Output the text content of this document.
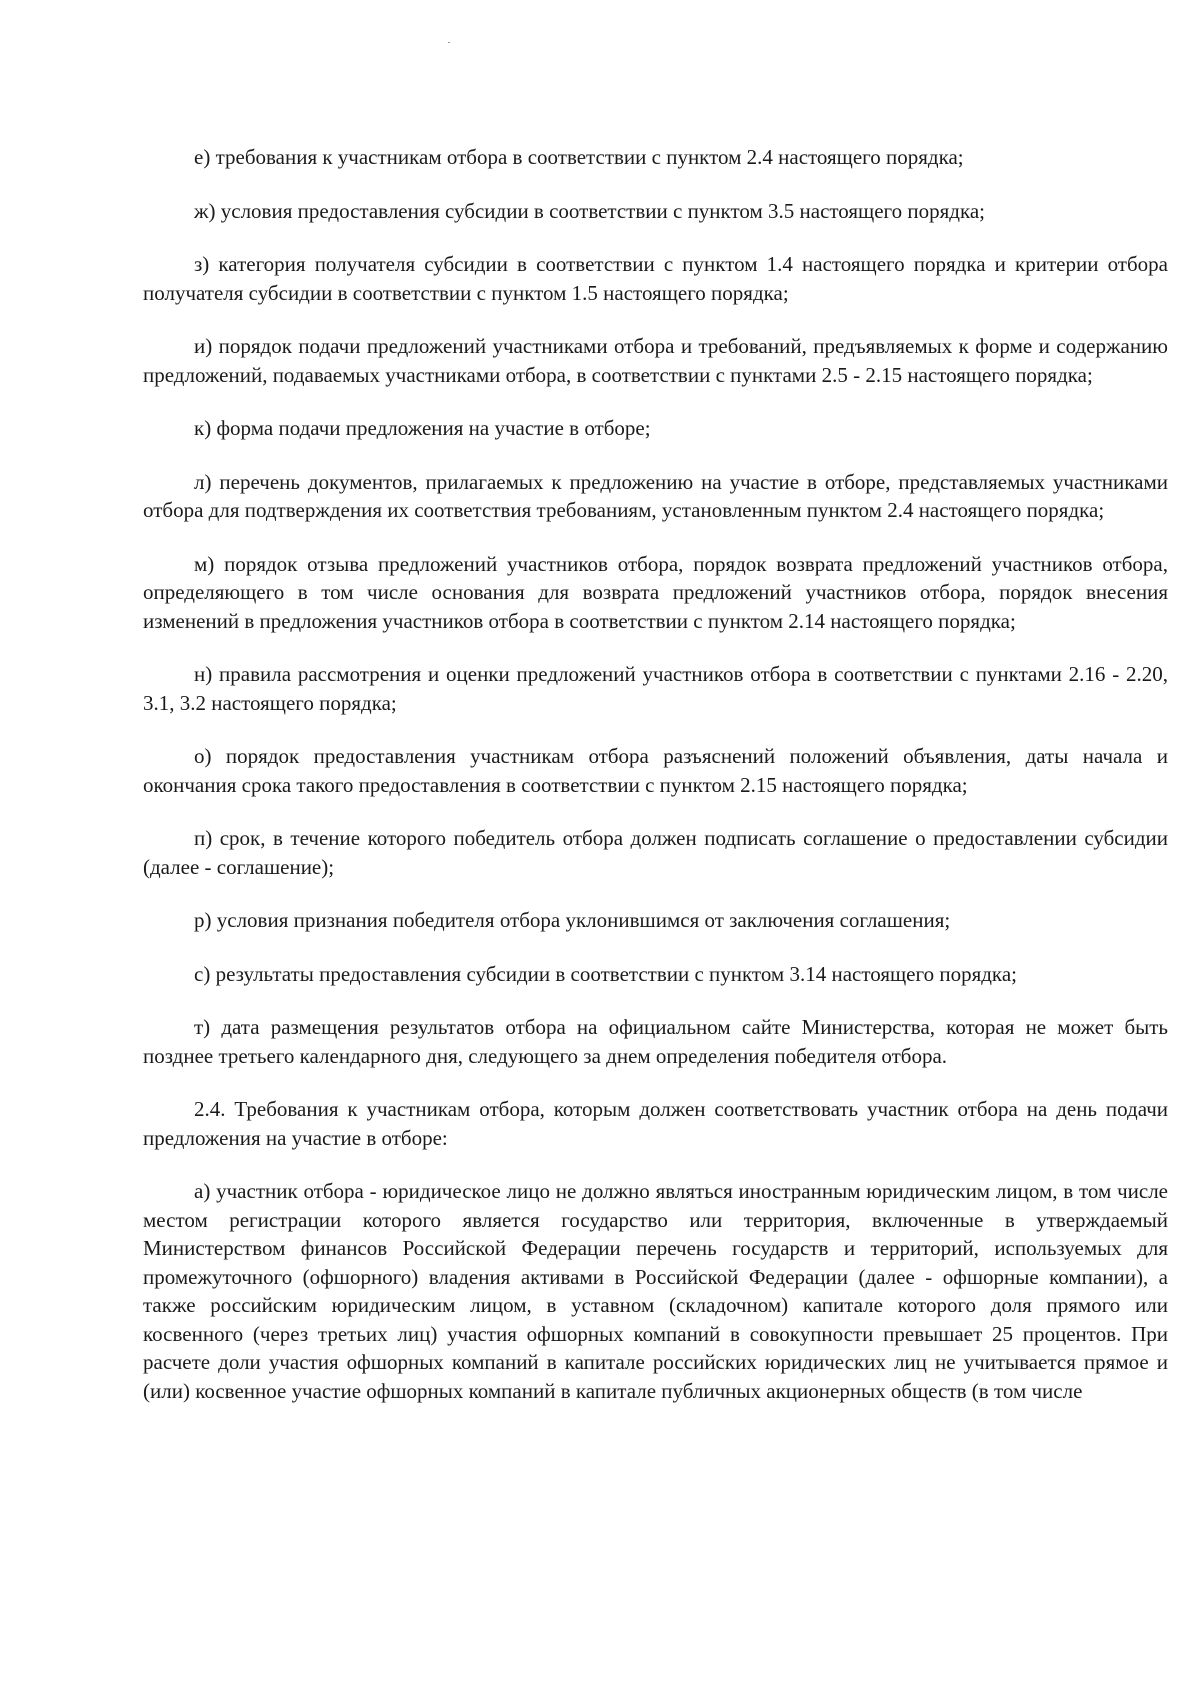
е) требования к участникам отбора в соответствии с пунктом 2.4 настоящего порядка;

ж) условия предоставления субсидии в соответствии с пунктом 3.5 настоящего порядка;

з) категория получателя субсидии в соответствии с пунктом 1.4 настоящего порядка и критерии отбора получателя субсидии в соответствии с пунктом 1.5 настоящего порядка;

и) порядок подачи предложений участниками отбора и требований, предъявляемых к форме и содержанию предложений, подаваемых участниками отбора, в соответствии с пунктами 2.5 - 2.15 настоящего порядка;

к) форма подачи предложения на участие в отборе;

л) перечень документов, прилагаемых к предложению на участие в отборе, представляемых участниками отбора для подтверждения их соответствия требованиям, установленным пунктом 2.4 настоящего порядка;

м) порядок отзыва предложений участников отбора, порядок возврата предложений участников отбора, определяющего в том числе основания для возврата предложений участников отбора, порядок внесения изменений в предложения участников отбора в соответствии с пунктом 2.14 настоящего порядка;

н) правила рассмотрения и оценки предложений участников отбора в соответствии с пунктами 2.16 - 2.20, 3.1, 3.2 настоящего порядка;

о) порядок предоставления участникам отбора разъяснений положений объявления, даты начала и окончания срока такого предоставления в соответствии с пунктом 2.15 настоящего порядка;

п) срок, в течение которого победитель отбора должен подписать соглашение о предоставлении субсидии (далее - соглашение);

р) условия признания победителя отбора уклонившимся от заключения соглашения;

с) результаты предоставления субсидии в соответствии с пунктом 3.14 настоящего порядка;

т) дата размещения результатов отбора на официальном сайте Министерства, которая не может быть позднее третьего календарного дня, следующего за днем определения победителя отбора.

2.4. Требования к участникам отбора, которым должен соответствовать участник отбора на день подачи предложения на участие в отборе:

а) участник отбора - юридическое лицо не должно являться иностранным юридическим лицом, в том числе местом регистрации которого является государство или территория, включенные в утверждаемый Министерством финансов Российской Федерации перечень государств и территорий, используемых для промежуточного (офшорного) владения активами в Российской Федерации (далее - офшорные компании), а также российским юридическим лицом, в уставном (складочном) капитале которого доля прямого или косвенного (через третьих лиц) участия офшорных компаний в совокупности превышает 25 процентов. При расчете доли участия офшорных компаний в капитале российских юридических лиц не учитывается прямое и (или) косвенное участие офшорных компаний в капитале публичных акционерных обществ (в том числе
